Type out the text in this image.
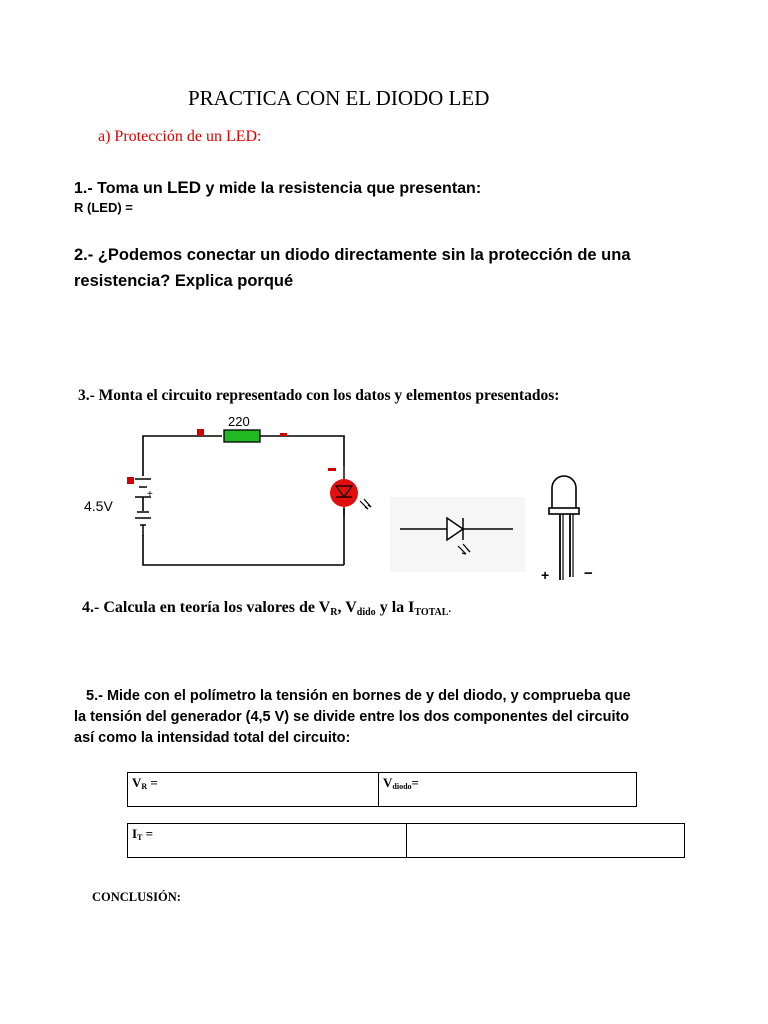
PRACTICA CON EL DIODO LED
a) Protección de un LED:
1.- Toma un LED y mide la resistencia que presentan:
R (LED) =
2.- ¿Podemos conectar un diodo directamente sin la protección de una
resistencia? Explica porqué
3.- Monta el circuito representado con los datos y elementos presentados:
220
+
4.5V
+ −
4.- Calcula en teoría los valores de $V_R$, $V_{dido}$ y la $I_{TOTAL}$.
5.- Mide con el polímetro la tensión en bornes de y del diodo, y comprueba que
la tensión del generador (4,5 V) se divide entre los dos componentes del circuito
así como la intensidad total del circuito:
$V_R$ =	$V_{diodo}=$
$I_T$ =	
CONCLUSIÓN:
